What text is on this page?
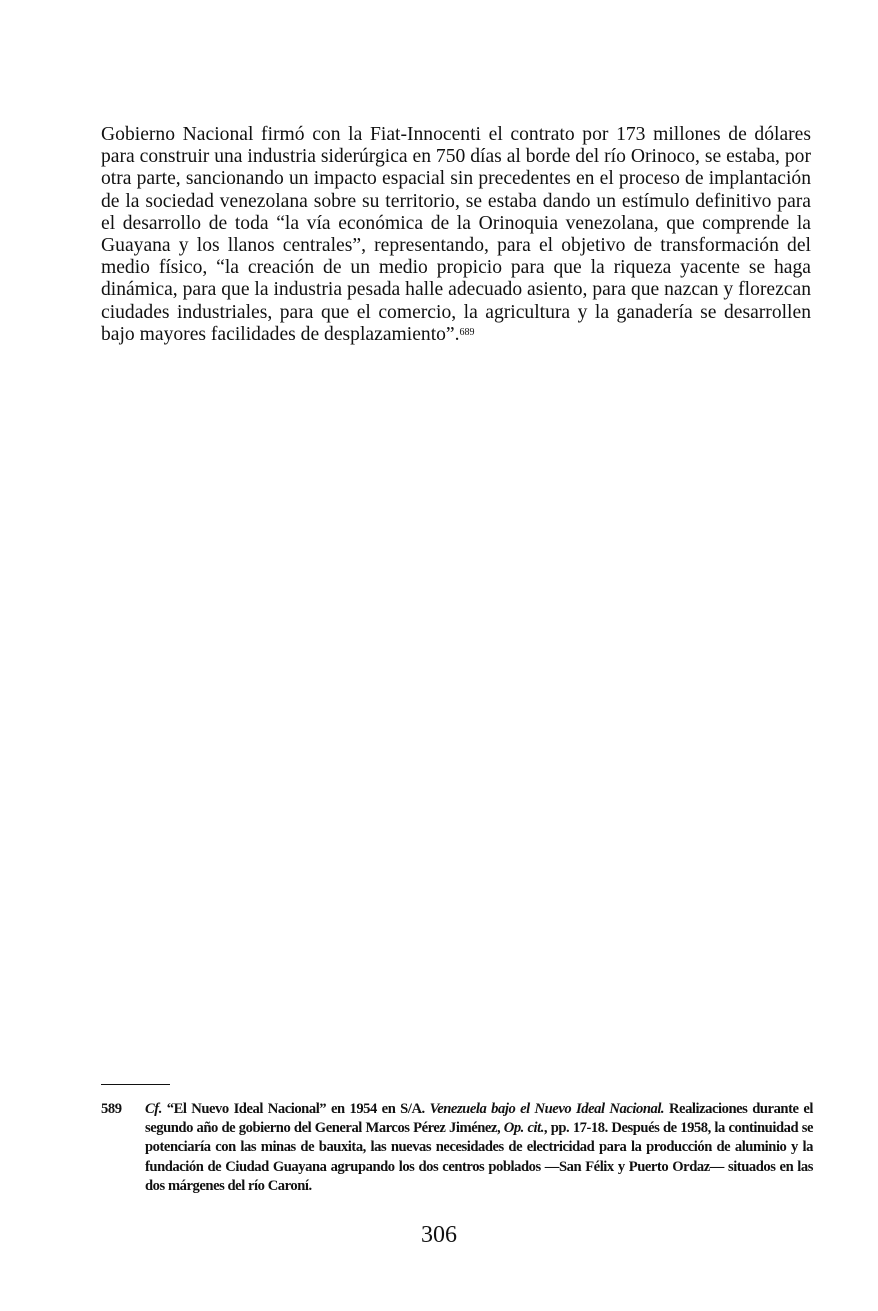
Gobierno Nacional firmó con la Fiat-Innocenti el contrato por 173 millones de dólares para construir una industria siderúrgica en 750 días al borde del río Orinoco, se estaba, por otra parte, sancionando un impacto espacial sin precedentes en el proceso de implantación de la sociedad venezolana sobre su territorio, se estaba dando un estímulo definitivo para el desarrollo de toda “la vía económica de la Orinoquia venezolana, que comprende la Guayana y los llanos centrales”, representando, para el objetivo de transformación del medio físico, “la creación de un medio propicio para que la riqueza yacente se haga dinámica, para que la industria pesada halle adecuado asiento, para que nazcan y florezcan ciudades industriales, para que el comercio, la agricultura y la ganadería se desarrollen bajo mayores facilidades de desplazamiento”.$^{689}$

589	Cf. “El Nuevo Ideal Nacional” en 1954 en S/A. Venezuela bajo el Nuevo Ideal Nacional. Realizaciones durante el segundo año de gobierno del General Marcos Pérez Jiménez, Op. cit., pp. 17-18. Después de 1958, la continuidad se potenciaría con las minas de bauxita, las nuevas necesidades de electricidad para la producción de aluminio y la fundación de Ciudad Guayana agrupando los dos centros poblados —San Félix y Puerto Ordaz— situados en las dos márgenes del río Caroní.
306
